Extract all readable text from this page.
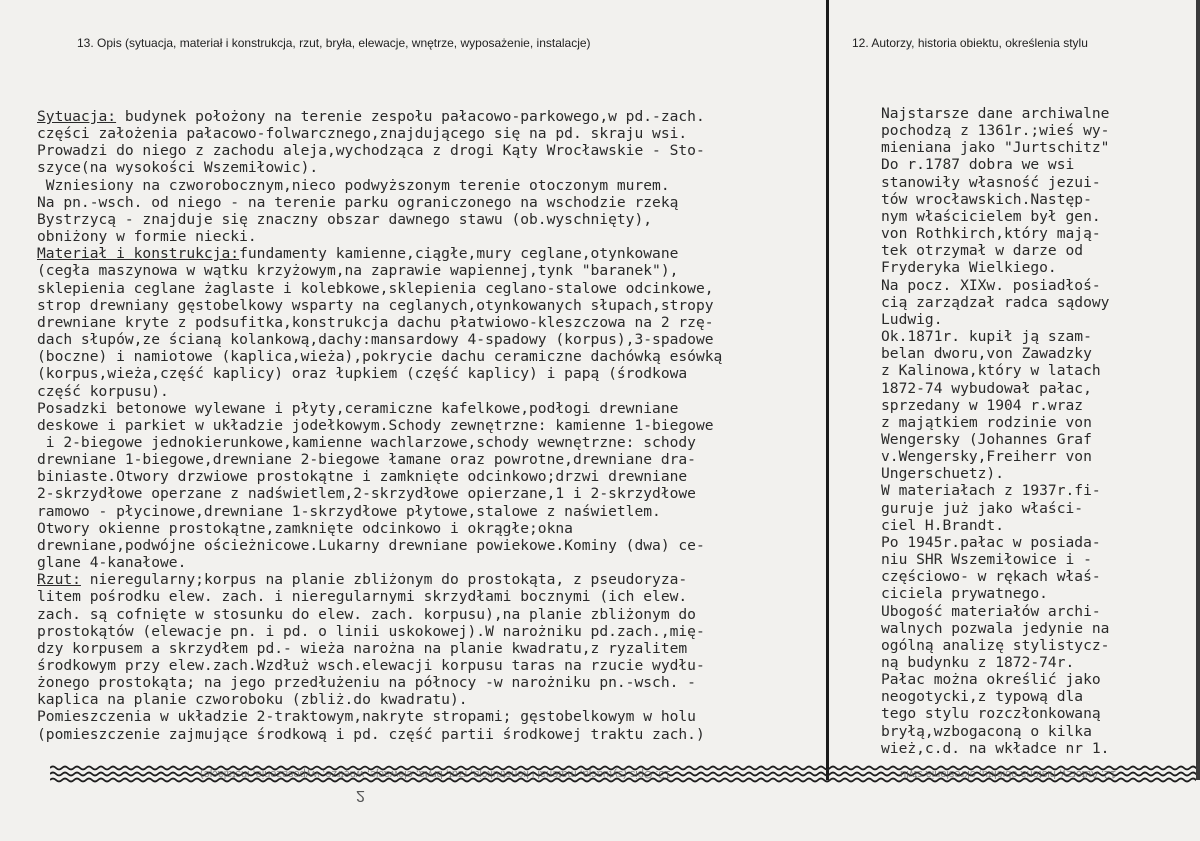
13. Opis (sytuacja, materiał i konstrukcja, rzut, bryła, elewacje, wnętrze, wyposażenie, instalacje)	12. Autorzy, historia obiektu, określenia stylu
Sytuacja: budynek położony na terenie zespołu pałacowo-parkowego,w pd.-zach.
części założenia pałacowo-folwarcznego,znajdującego się na pd. skraju wsi.
Prowadzi do niego z zachodu aleja,wychodząca z drogi Kąty Wrocławskie - Sto-
szyce(na wysokości Wszemiłowic).
Wzniesiony na czworobocznym,nieco podwyższonym terenie otoczonym murem.
Na pn.-wsch. od niego - na terenie parku ograniczonego na wschodzie rzeką
Bystrzycą - znajduje się znaczny obszar dawnego stawu (ob.wyschnięty),
obniżony w formie niecki.
Materiał i konstrukcja:fundamenty kamienne,ciągłe,mury ceglane,otynkowane
(cegła maszynowa w wątku krzyżowym,na zaprawie wapiennej,tynk "baranek"),
sklepienia ceglane żaglaste i kolebkowe,sklepienia ceglano-stalowe odcinkowe,
strop drewniany gęstobelkowy wsparty na ceglanych,otynkowanych słupach,stropy
drewniane kryte z podsufitka,konstrukcja dachu płatwiowo-kleszczowa na 2 rzę-
dach słupów,ze ścianą kolankową,dachy:mansardowy 4-spadowy (korpus),3-spadowe
(boczne) i namiotowe (kaplica,wieża),pokrycie dachu ceramiczne dachówką esówką
(korpus,wieża,część kaplicy) oraz łupkiem (część kaplicy) i papą (środkowa
część korpusu).
Posadzki betonowe wylewane i płyty,ceramiczne kafelkowe,podłogi drewniane
deskowe i parkiet w układzie jodełkowym.Schody zewnętrzne: kamienne 1-biegowe
i 2-biegowe jednokierunkowe,kamienne wachlarzowe,schody wewnętrzne: schody
drewniane 1-biegowe,drewniane 2-biegowe łamane oraz powrotne,drewniane dra-
biniaste.Otwory drzwiowe prostokątne i zamknięte odcinkowo;drzwi drewniane
2-skrzydłowe operzane z nadświetlem,2-skrzydłowe opierzane,1 i 2-skrzydłowe
ramowo - płycinowe,drewniane 1-skrzydłowe płytowe,stalowe z naświetlem.
Otwory okienne prostokątne,zamknięte odcinkowo i okrągłe;okna
drewniane,podwójne ościeżnicowe.Lukarny drewniane powiekowe.Kominy (dwa) ce-
glane 4-kanałowe.
Rzut: nieregularny;korpus na planie zbliżonym do prostokąta, z pseudoryza-
litem pośrodku elew. zach. i nieregularnymi skrzydłami bocznymi (ich elew.
zach. są cofnięte w stosunku do elew. zach. korpusu),na planie zbliżonym do
prostokątów (elewacje pn. i pd. o linii uskokowej).W narożniku pd.zach.,mię-
dzy korpusem a skrzydłem pd.- wieża narożna na planie kwadratu,z ryzalitem
środkowym przy elew.zach.Wzdłuż wsch.elewacji korpusu taras na rzucie wydłu-
żonego prostokąta; na jego przedłużeniu na północy -w narożniku pn.-wsch. -
kaplica na planie czworoboku (zbliż.do kwadratu).
Pomieszczenia w układzie 2-traktowym,nakryte stropami; gęstobelkowym w holu
(pomieszczenie zajmujące środkową i pd. część partii środkowej traktu zach.)
Najstarsze dane archiwalne
pochodzą z 1361r.;wieś wy-
mieniana jako "Jurtschitz"
Do r.1787 dobra we wsi
stanowiły własność jezui-
tów wrocławskich.Następ-
nym właścicielem był gen.
von Rothkirch,który mają-
tek otrzymał w darze od
Fryderyka Wielkiego.
Na pocz. XIXw. posiadłoś-
cią zarządzał radca sądowy
Ludwig.
Ok.1871r. kupił ją szam-
belan dworu,von Zawadzky
z Kalinowa,który w latach
1872-74 wybudował pałac,
sprzedany w 1904 r.wraz
z majątkiem rodzinie von
Wengersky (Johannes Graf
v.Wengersky,Freiherr von
Ungerschuetz).
W materiałach z 1937r.fi-
guruje już jako właści-
ciel H.Brandt.
Po 1945r.pałac w posiada-
niu SHR Wszemiłowice i -
częściowo- w rękach właś-
ciciela prywatnego.
Ubogość materiałów archi-
walnych pozwala jedynie na
ogólną analizę stylistycz-
ną budynku z 1872-74r.
Pałac można określić jako
neogotycki,z typową dla
tego stylu rozczłonkowaną
bryłą,wzbogaconą o kilka
wież,c.d. na wkładce nr 1.
13. Opis (sytuacja, materiał i konstrukcja, rzut, bryła, elewacje, wnętrze, wyposażenie, instalacje)	12. Autorzy, historia obiektu, określenia stylu
2
